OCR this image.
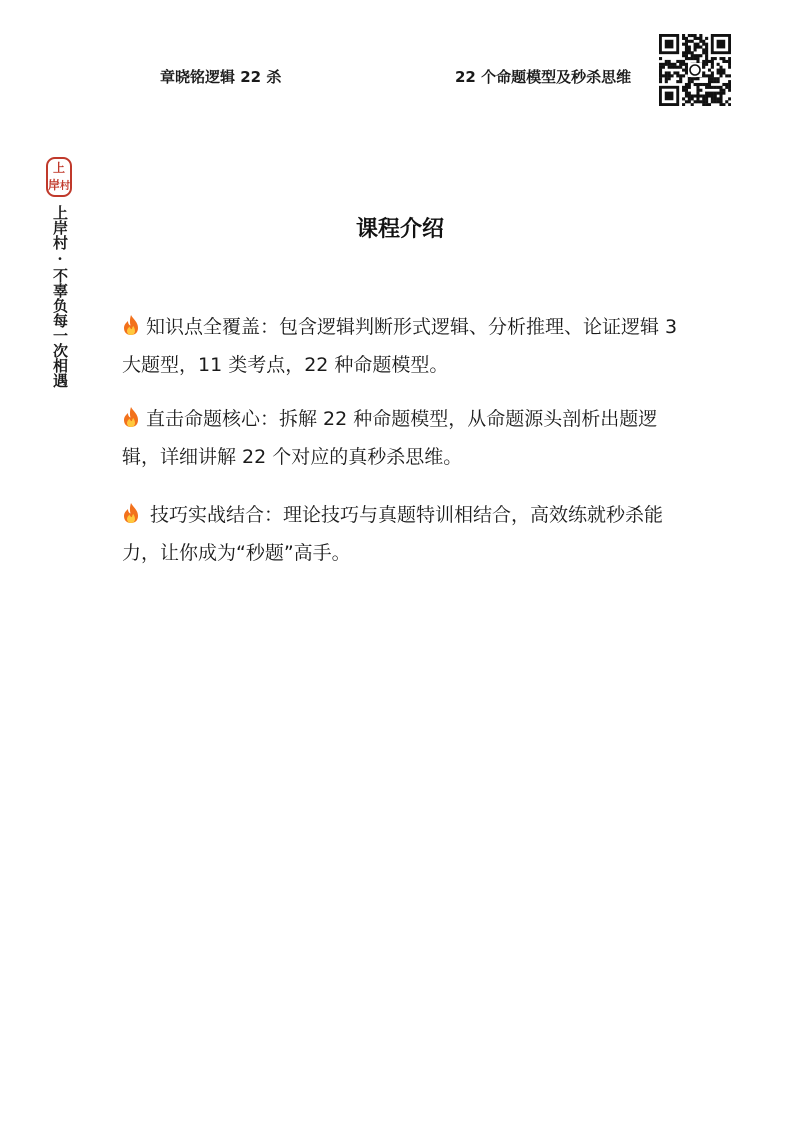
章晓铭逻辑 22 杀	22 个命题模型及秒杀思维
上
岸村
上岸村·不辜负每一次相遇	课程介绍
知识点全覆盖：包含逻辑判断形式逻辑、分析推理、论证逻辑 3 大题型，11 类考点，22 种命题模型。
直击命题核心：拆解 22 种命题模型，从命题源头剖析出题逻辑，详细讲解 22 个对应的真秒杀思维。
技巧实战结合：理论技巧与真题特训相结合，高效练就秒杀能力，让你成为“秒题”高手。
